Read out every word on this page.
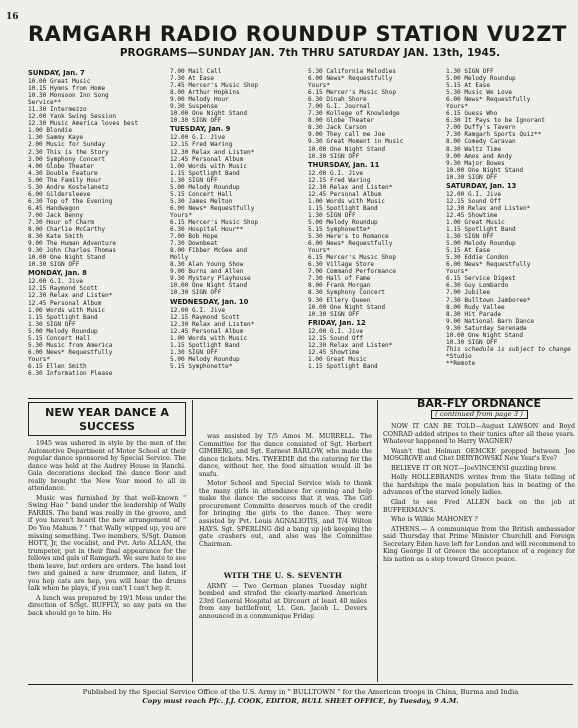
16
RAMGARH RADIO ROUNDUP STATION VU2ZT
PROGRAMS—SUNDAY JAN. 7th THRU SATURDAY JAN. 13th, 1945.
SUNDAY, Jan. 7
10.00 Great Music
10.15 Hymns from Home
10.30 Monsoon Inn Song
Service**
11.30 Intermezzo
12.00 Yank Swing Session
12.30 Music America loves best
1.00 Blondie
1.30 Sammy Kaye
2.00 Music for Sunday
2.30 This is the Story
3.00 Symphony Concert
4.00 Globe Theater
4.30 Double Feature
5.00 The Family Hour
5.30 Andre Kostelanetz
6.00 Gildersleeve
6.30 Top of the Evening
6.45 Handwagon
7.00 Jack Benny
7.30 Hour of Charm
8.00 Charlie McCarthy
8.30 Kate Smith
9.00 The Human Adventure
9.30 John Charles Thomas
10.00 One Night Stand
10.30 SIGN OFF
MONDAY, Jan. 8
12.00 G.I. Jive
12.15 Raymond Scott
12.30 Relax and Listen*
12.45 Personal Album
1.00 Words with Music
1.15 Spotlight Band
1.30 SIGN OFF
5.00 Melody Roundup
5.15 Concert Hall
5.30 Music from America
6.00 News* Requestfully
Yours*
6.15 Ellen Smith
6.30 Information Please
7.00 Mail Call
7.30 At Ease
7.45 Mercer's Music Shop
8.00 Arthur Hopkins
9.00 Melody Hour
9.30 Suspense
10.00 One Night Stand
10.30 SIGN OFF
TUESDAY, Jan. 9
12.00 G.I. Jive
12.15 Fred Waring
12.30 Relax and Listen*
12.45 Personal Album
1.00 Words with Music
1.15 Spotlight Band
1.30 SIGN OFF
5.00 Melody Roundup
5.15 Concert Hall
5.30 James Melton
6.00 News* Requestfully
Yours*
6.15 Mercer's Music Shop
6.30 Hospital Hour**
7.00 Bob Hope
7.30 Downbeat
8.00 Fibber McGee and
Molly
8.30 Alan Young Show
9.00 Burns and Allen
9.30 Mystery Playhouse
10.00 One Night Stand
10.30 SIGN OFF
WEDNESDAY, Jan. 10
12.00 G.I. Jive
12.15 Raymond Scott
12.30 Relax and Listen*
12.45 Personal Album
1.00 Words with Music
1.15 Spotlight Band
1.30 SIGN OFF
5.00 Melody Roundup
5.15 Symphonette*
5.30 California Melodies
6.00 News* Requestfully
Yours*
6.15 Mercer's Music Shop
6.30 Dinah Shore
7.00 G.I. Journal
7.30 Kollege of Knowledge
8.00 Globe Theater
8.30 Jack Carson
9.00 They call me Joe
9.30 Great Moment in Music
10.00 One Night Stand
10.30 SIGN OFF
THURSDAY, Jan. 11
12.00 G.I. Jive
12.15 Fred Waring
12.30 Relax and Listen*
12.45 Personal Album
1.00 Words with Music
1.15 Spotlight Band
1.30 SIGN OFF
5.00 Melody Roundup
5.15 Symphonette*
5.30 Here's to Romance
6.00 News* Requestfully
Yours*
6.15 Mercer's Music Shop
6.30 Village Store
7.00 Command Performance
7.30 Hall of Fame
8.00 Frank Morgan
8.30 Symphony Concert
9.30 Ellery Queen
10.00 One Night Stand
10.30 SIGN OFF
FRIDAY, Jan. 12
12.00 G.I. Jive
12.15 Sound Off
12.30 Relax and Listen*
12.45 Showtime
1.00 Great Music
1.15 Spotlight Band
1.30 SIGN OFF
5.00 Melody Roundup
5.15 At Ease
5.30 Music We Love
6.00 News* Requestfully
Yours*
6.15 Guess Who
6.30 It Pays to be Ignorant
7.00 Duffy's Tavern
7.30 Ramgarh Sports Quiz**
8.00 Comedy Caravan
8.30 Waltz Time
9.00 Amos and Andy
9.30 Major Bowes
10.00 One Night Stand
10.30 SIGN OFF
SATURDAY, Jan. 13
12.00 G.I. Jive
12.15 Sound Off
12.30 Relax and Listen*
12.45 Showtime
1.00 Great Music
1.15 Spotlight Band
1.30 SIGN OFF
5.00 Melody Roundup
5.15 At Ease
5.30 Eddie Condon
6.00 News* Requestfully
Yours*
6.15 Service Digest
6.30 Guy Lombardo
7.00 Jubilee
7.30 Bulltown Jamboree*
8.00 Rudy Vallee
8.30 Hit Parade
9.00 National Barn Dance
9.30 Saturday Serenade
10.00 One Night Stand
10.30 SIGN OFF
This schedule is subject to change
*Studio
**Remote
NEW YEAR DANCE A SUCCESS

1945 was ushered in style by the men of the Automotive Department of Motor School at their regular dance sponsored by Special Service. The dance was held at the Audrey House in Ranchi. Gala decorations decked the dance floor and really brought the New Year mood to all in attendance.

Music was furnished by that well-known " Swing Hao " band under the leadership of Wally FARRIS. The band was really in the groove, and if you haven't heard the new arrangement of " Do You Mahum ? " that Wally wipped up, you are missing something. Two members, S/Sgt. Damon HOTT, Jr, the vocalist, and Pvt. Arlo ALLAN, the trumpeter, put in their final appearance for the fellows and gals of Ramgarh. We sure hate to see them leave, but orders are orders. The band lost two and gained a new drummer, and listen, if you hep cats are hep, you will hear the drums talk when he plays, if you can't I can't hep it.

A lunch was prepared by 19/1 Mess under the direction of S/Sgt. RUFFLY, so any pats on the back should go to him. He

was assisted by T/5 Amos M. MURRELL. The Committee for the dance consisted of Sgt. Herbert GIMBERG, and Sgt. Earnest BARLOW, who made the dance tickets. Mrs. TWEEDIE did the catering for the dance, without her, the food situation would ill be snafu.

Motor School and Special Service wish to thank the many girls in attendance for coming and help make the dance the success that it was. The Girl procurement Committe deserves much of the credit for bringing the girls to the dance. They were assisted by Pvt. Louis AGNALIOTIS, and T/4 Wilton HAYS. Sgt. SPERLING did a bang up job keeping the gate crashers out, and also was the Committee Chairman.

WITH THE U. S. SEVENTH

ARMY — Two German planes Tuesday night bombed and strafed the clearly-marked American 23rd General Hospital at Dircourt at least 40 miles from any battlefront, Lt. Gen. Jacob L. Devers announced in a communique Friday.

BAR-FLY ORDNANCE
( continued from page 3 )

NOW IT CAN BE TOLD—August LAWSON and Boyd CONRAD added stripes to their tunics after all these years. Whatever happened to Harry WAGNER?

Wasn't that Holman OEMCKE propped between Joe MOSGROVE and Chet DERYBOWSKI New Year's Eve?

BELIEVE IT OR NOT—JoeVINCENSI guzzling brew.

Holly HOLLEBRANDS writes from the State telling of the hardships the male population has in beating of the advances of the starved lonely ladies.

Glad to see Fred ALLEN back on the job at BUFFERMAN'S.

Who is Wilkie MAHONEY ?

ATHENS.— A communique from the British ambassador said Thursday that Prime Minister Churchill and Foreign Secretary Eden have left for London and will recommend to King George II of Greece the acceptance of a regency for his nation as a step toward Greece peace.

Published by the Special Service Office of the U.S. Army in " BULLTOWN " for the American troops in China, Burma and India
Copy must reach Pfc. J.J. COOK, EDITOR, BULL SHEET OFFICE, by Tuesday, 9 A.M.
